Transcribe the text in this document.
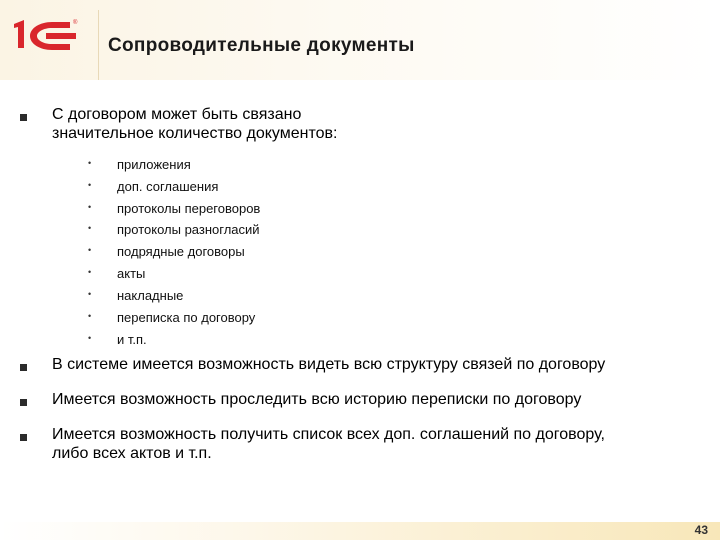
®
Сопроводительные документы
С договором может быть связано
значительное количество документов:
• приложения
• доп. соглашения
• протоколы переговоров
• протоколы разногласий
• подрядные договоры
• акты
• накладные
• переписка по договору
• и т.п.
В системе имеется возможность видеть всю структуру связей по договору
Имеется возможность проследить всю историю переписки по договору
Имеется возможность получить список всех доп. соглашений по договору,
либо всех актов и т.п.
43
